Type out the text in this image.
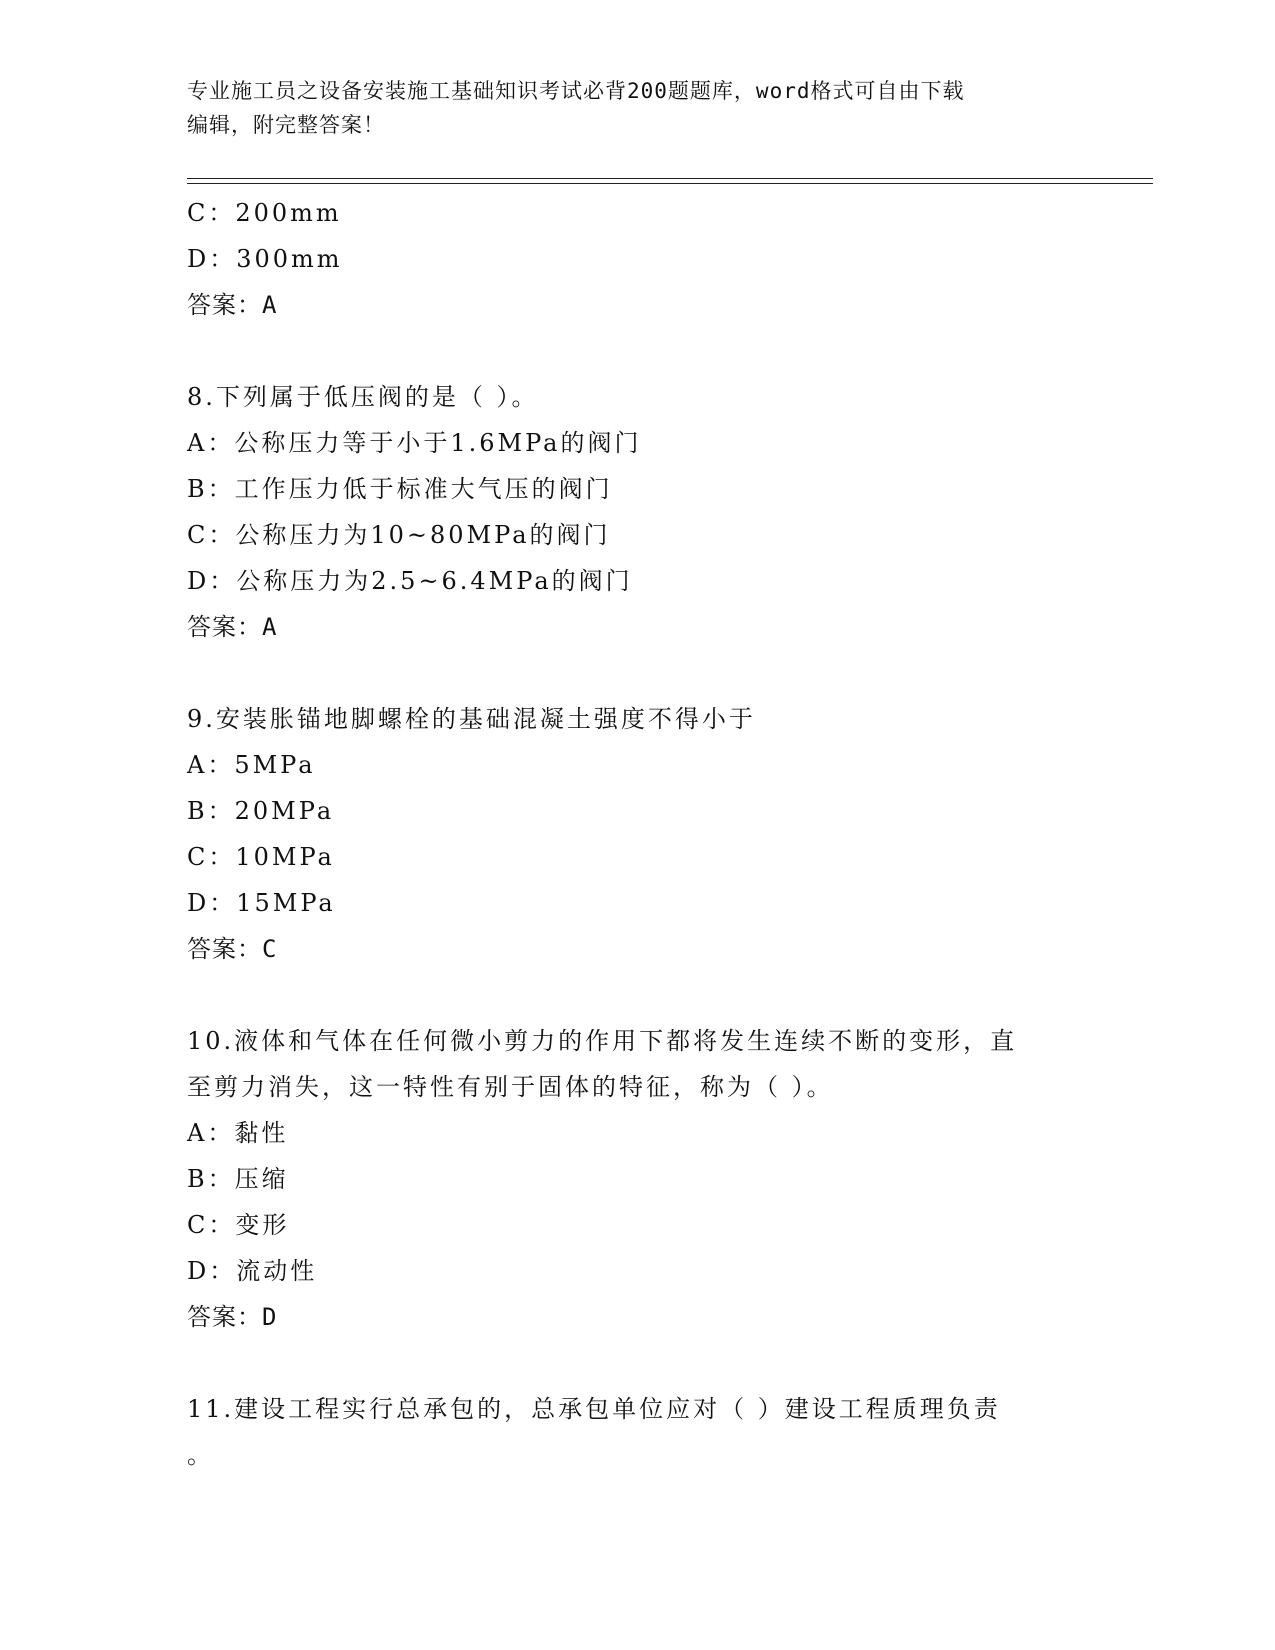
专业施工员之设备安装施工基础知识考试必背200题题库，word格式可自由下载
编辑，附完整答案！
C：200mm
D：300mm
答案：A
8.下列属于低压阀的是（ ）。
A：公称压力等于小于1.6MPa的阀门
B：工作压力低于标准大气压的阀门
C：公称压力为10~80MPa的阀门
D：公称压力为2.5~6.4MPa的阀门
答案：A
9.安装胀锚地脚螺栓的基础混凝土强度不得小于
A：5MPa
B：20MPa
C：10MPa
D：15MPa
答案：C
10.液体和气体在任何微小剪力的作用下都将发生连续不断的变形，直
至剪力消失，这一特性有别于固体的特征，称为（ ）。
A：黏性
B：压缩
C：变形
D：流动性
答案：D
11.建设工程实行总承包的，总承包单位应对（ ）建设工程质理负责
。
